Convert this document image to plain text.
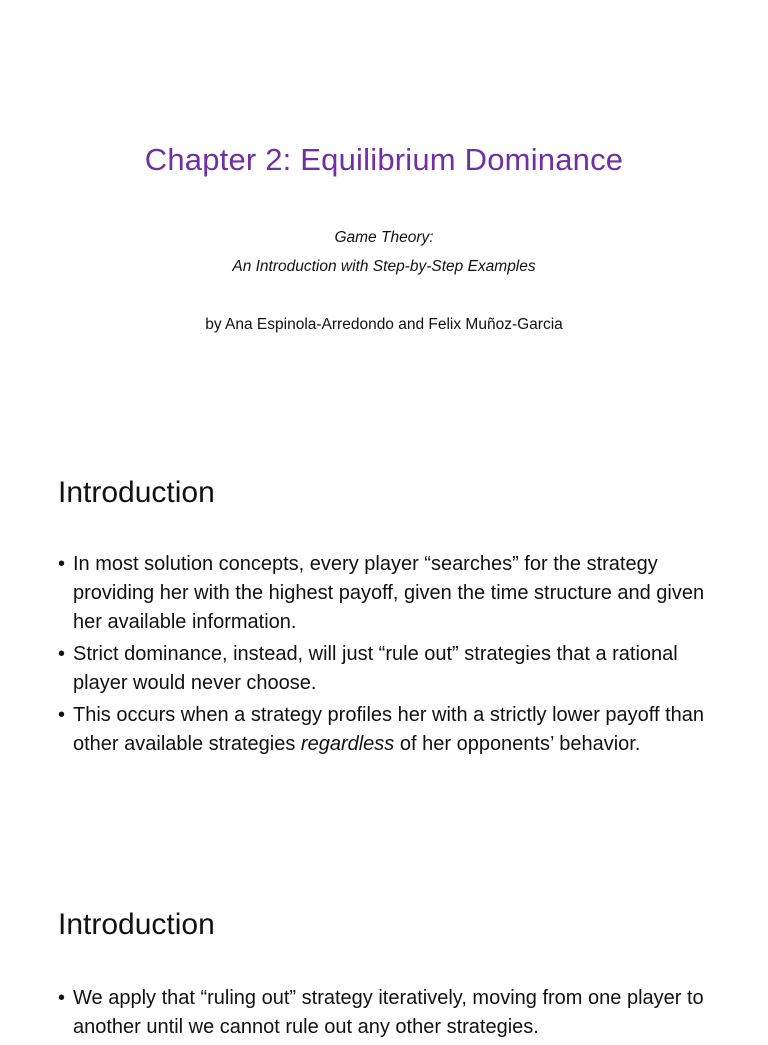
Chapter 2: Equilibrium Dominance
Game Theory:
An Introduction with Step-by-Step Examples
by Ana Espinola-Arredondo and Felix Muñoz-Garcia
Introduction
• In most solution concepts, every player “searches” for the strategy providing her with the highest payoff, given the time structure and given her available information.
• Strict dominance, instead, will just “rule out” strategies that a rational player would never choose.
• This occurs when a strategy profiles her with a strictly lower payoff than other available strategies regardless of her opponents’ behavior.
Introduction
• We apply that “ruling out” strategy iteratively, moving from one player to another until we cannot rule out any other strategies.
